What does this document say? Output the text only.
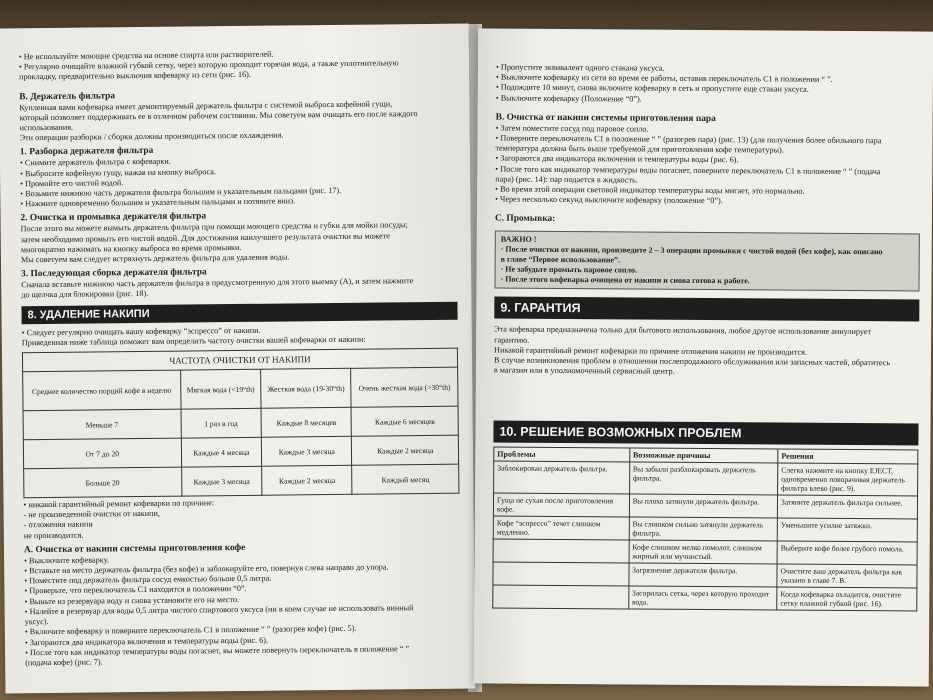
• Не используйте моющие средства на основе спирта или растворителей.

• Регулярно очищайте влажной губкой сетку, через которую проходит горячая вода, а также уплотнительную

прокладку, предварительно выключив кофеварку из сети (рис. 16).

B. Держатель фильтра

Купленная вами кофеварка имеет демонтируемый держатель фильтра с системой выброса кофейной гущи,

который позволяет поддерживать ее в отличном рабочем состоянии. Мы советуем вам очищать его после каждого

использования.

Эти операции разборки / сборки должны производиться после охлаждения.

1. Разборка держателя фильтра

• Снимите держатель фильтра с кофеварки.

• Выбросите кофейную гущу, нажав на кнопку выброса.

• Промойте его чистой водой.

• Возьмите нижнюю часть держателя фильтра большим и указательным пальцами (рис. 17).

• Нажмите одновременно большим и указательным пальцами и потяните вниз.

2. Очистка и промывка держателя фильтра

После этого вы можете вымыть держатель фильтра при помощи моющего средства и губки для мойки посуды;

затем необходимо промыть его чистой водой. Для достижения наилучшего результата очистки вы можете

многократно нажимать на кнопку выброса во время промывки.

Мы советуем вам следует встряхнуть держатель фильтра для удаления воды.

3. Последующая сборка держателя фильтра

Сначала вставьте нижнюю часть держателя фильтра в предусмотренную для этого выемку (А), и затем нажмите

до щелчка для блокировки (рис. 18).

8. УДАЛЕНИЕ НАКИПИ

• Следует регулярно очищать вашу кофеварку “эспрессо” от накипи.

Приведенная ниже таблица поможет вам определить частоту очистки вашей кофеварки от накипи:

ЧАСТОТА ОЧИСТКИ ОТ НАКИПИ			
Среднее количество порций кофе в неделю	Мягкая вода (<19°th)	Жесткая вода (19-30°th)	Очень жесткая вода (>30°th)
Меньше 7	1 раз в год	Каждые 8 месяцев	Каждые 6 месяцев
От 7 до 20	Каждые 4 месяца	Каждые 3 месяца	Каждые 2 месяца
Больше 20	Каждые 3 месяца	Каждые 2 месяца	Каждый месяц

• никакой гарантийный ремонт кофеварки по причине:

- не произведенной очистки от накипи,

- отложения накипи

не производится.

А. Очистка от накипи системы приготовления кофе

• Выключите кофеварку.

• Вставьте на место держатель фильтра (без кофе) и заблокируйте его, повернув слева направо до упора.

• Поместите под держатель фильтра сосуд емкостью больше 0,5 литра.

• Проверьте, что переключатель С1 находится в положении “0”.

• Выньте из резервуара воду и снова установите его на место.

• Налейте в резервуар для воды 0,5 литра чистого спиртового уксуса (ни в коем случае не использовать винный

уксус).

• Включите кофеварку и поверните переключатель С1 в положение “ ” (разогрев кофе) (рис. 5).

• Загораются два индикатора включения и температуры воды (рис. 6).

• После того как индикатор температуры воды погаснет, вы можете повернуть переключатель в положение “ ”

(подача кофе) (рис. 7).

• Пропустите эквивалент одного стакана уксуса.

• Выключите кофеварку из сети во время ее работы, оставив переключатель С1 в положении “ ”.

• Подождите 10 минут, снова включите кофеварку в сеть и пропустите еще стакан уксуса.

• Выключите кофеварку (Положение “0”).

B. Очистка от накипи системы приготовления пара

• Затем поместите сосуд под паровое сопло.

• Поверните переключатель С1 в положение “ ” (разогрев пара) (рис. 13) (для получения более обильного пара

температура должна быть выше требуемой для приготовления кофе температуры).

• Загораются два индикатора включения и температуры воды (рис. 6).

• После того как индикатор температуры воды погаснет, поверните переключатель С1 в положение “ ” (подача

пара) (рис. 14): пар подается в жидкость.

• Во время этой операции световой индикатор температуры воды мигает, это нормально.

• Через несколько секунд выключите кофеварку (положение “0”).

С. Промывка:

ВАЖНО !

· После очистки от накипи, произведите 2 – 3 операции промывки с чистой водой (без кофе), как описано

в главе “Первое использование”.

· Не забудьте промыть паровое сопло.

· После этого кофеварка очищена от накипи и снова готова к работе.

9. ГАРАНТИЯ

Эта кофеварка предназначена только для бытового использования, любое другое использование аннулирует

гарантию.

Никакой гарантийный ремонт кофеварки по причине отложения накипи не производится.

В случае возникновения проблем в отношении послепродажного обслуживания или запасных частей, обратитесь

в магазин или в уполномоченный сервисный центр.

10. РЕШЕНИЕ ВОЗМОЖНЫХ ПРОБЛЕМ
Проблемы	Возможные причины	Решения
Заблокирован держатель фильтра.	Вы забыли разблокировать держатель фильтра.	Слегка нажмите на кнопку EJECT, одновременно поворачивая держатель фильтра влево (рис. 9).
Гуща не сухая после приготовления кофе.	Вы плохо затянули держатель фильтра.	Затяните держатель фильтра сильнее.
Кофе “эспрессо” течет слишком медленно.	Вы слишком сильно затянули держатель фильтра.	Уменьшите усилие затяжки.
	Кофе слишком мелко помолот, слишком жирный или мучнистый.	Выберите кофе более грубого помола.
	Загрязнение держателя фильтра.	Очистите ваш держатель фильтра как указано в главе 7. B.
	Засорилась сетка, через которую проходит вода.	Когда кофеварка охладится, очистите сетку влажной губкой (рис. 16).
